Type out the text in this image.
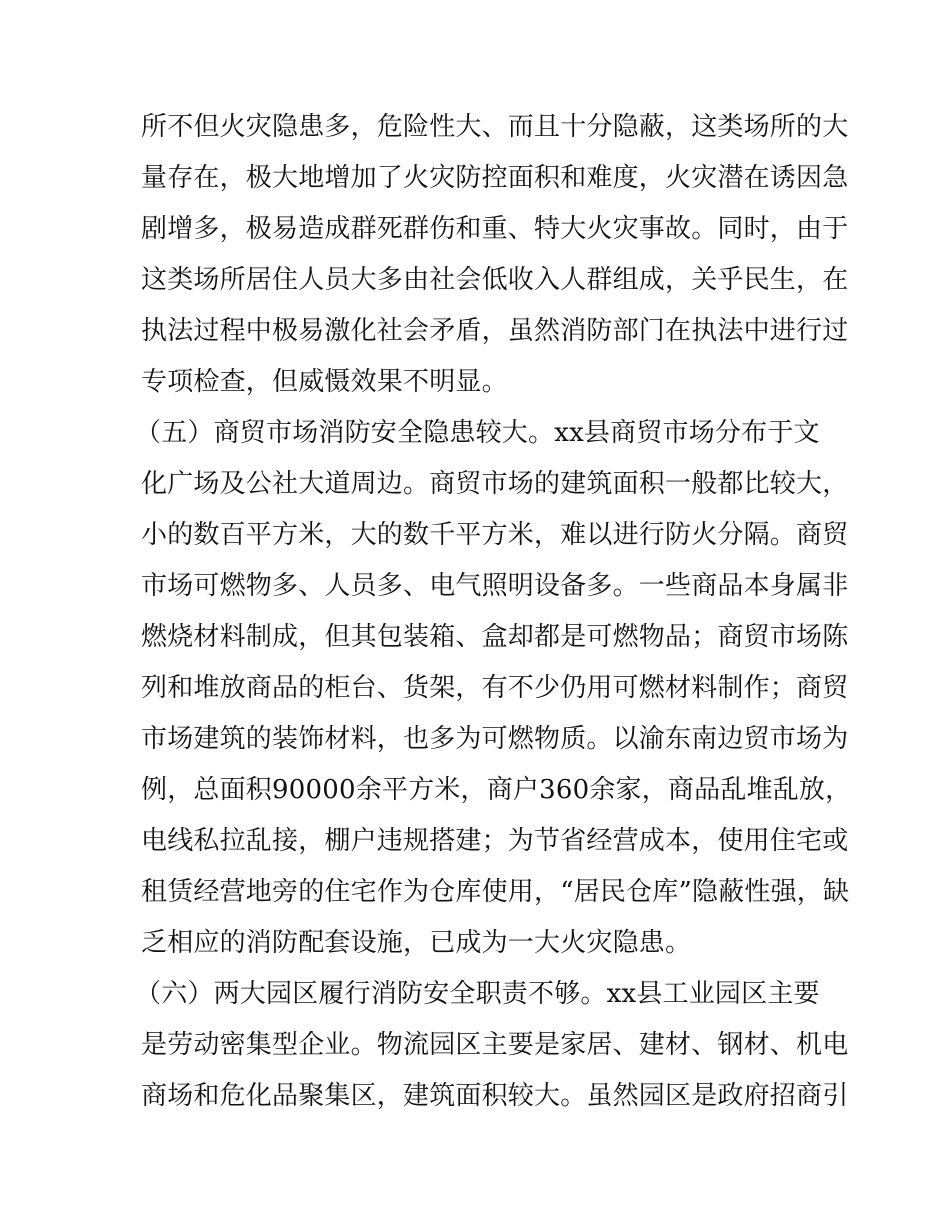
所不但火灾隐患多，危险性大、而且十分隐蔽，这类场所的大
量存在，极大地增加了火灾防控面积和难度，火灾潜在诱因急
剧增多，极易造成群死群伤和重、特大火灾事故。同时，由于
这类场所居住人员大多由社会低收入人群组成，关乎民生，在
执法过程中极易激化社会矛盾，虽然消防部门在执法中进行过
专项检查，但威慑效果不明显。
（五）商贸市场消防安全隐患较大。xx县商贸市场分布于文
化广场及公社大道周边。商贸市场的建筑面积一般都比较大，
小的数百平方米，大的数千平方米，难以进行防火分隔。商贸
市场可燃物多、人员多、电气照明设备多。一些商品本身属非
燃烧材料制成，但其包装箱、盒却都是可燃物品；商贸市场陈
列和堆放商品的柜台、货架，有不少仍用可燃材料制作；商贸
市场建筑的装饰材料，也多为可燃物质。以渝东南边贸市场为
例，总面积90000余平方米，商户360余家，商品乱堆乱放，
电线私拉乱接，棚户违规搭建；为节省经营成本，使用住宅或
租赁经营地旁的住宅作为仓库使用，“居民仓库”隐蔽性强，缺
乏相应的消防配套设施，已成为一大火灾隐患。
（六）两大园区履行消防安全职责不够。xx县工业园区主要
是劳动密集型企业。物流园区主要是家居、建材、钢材、机电
商场和危化品聚集区，建筑面积较大。虽然园区是政府招商引
